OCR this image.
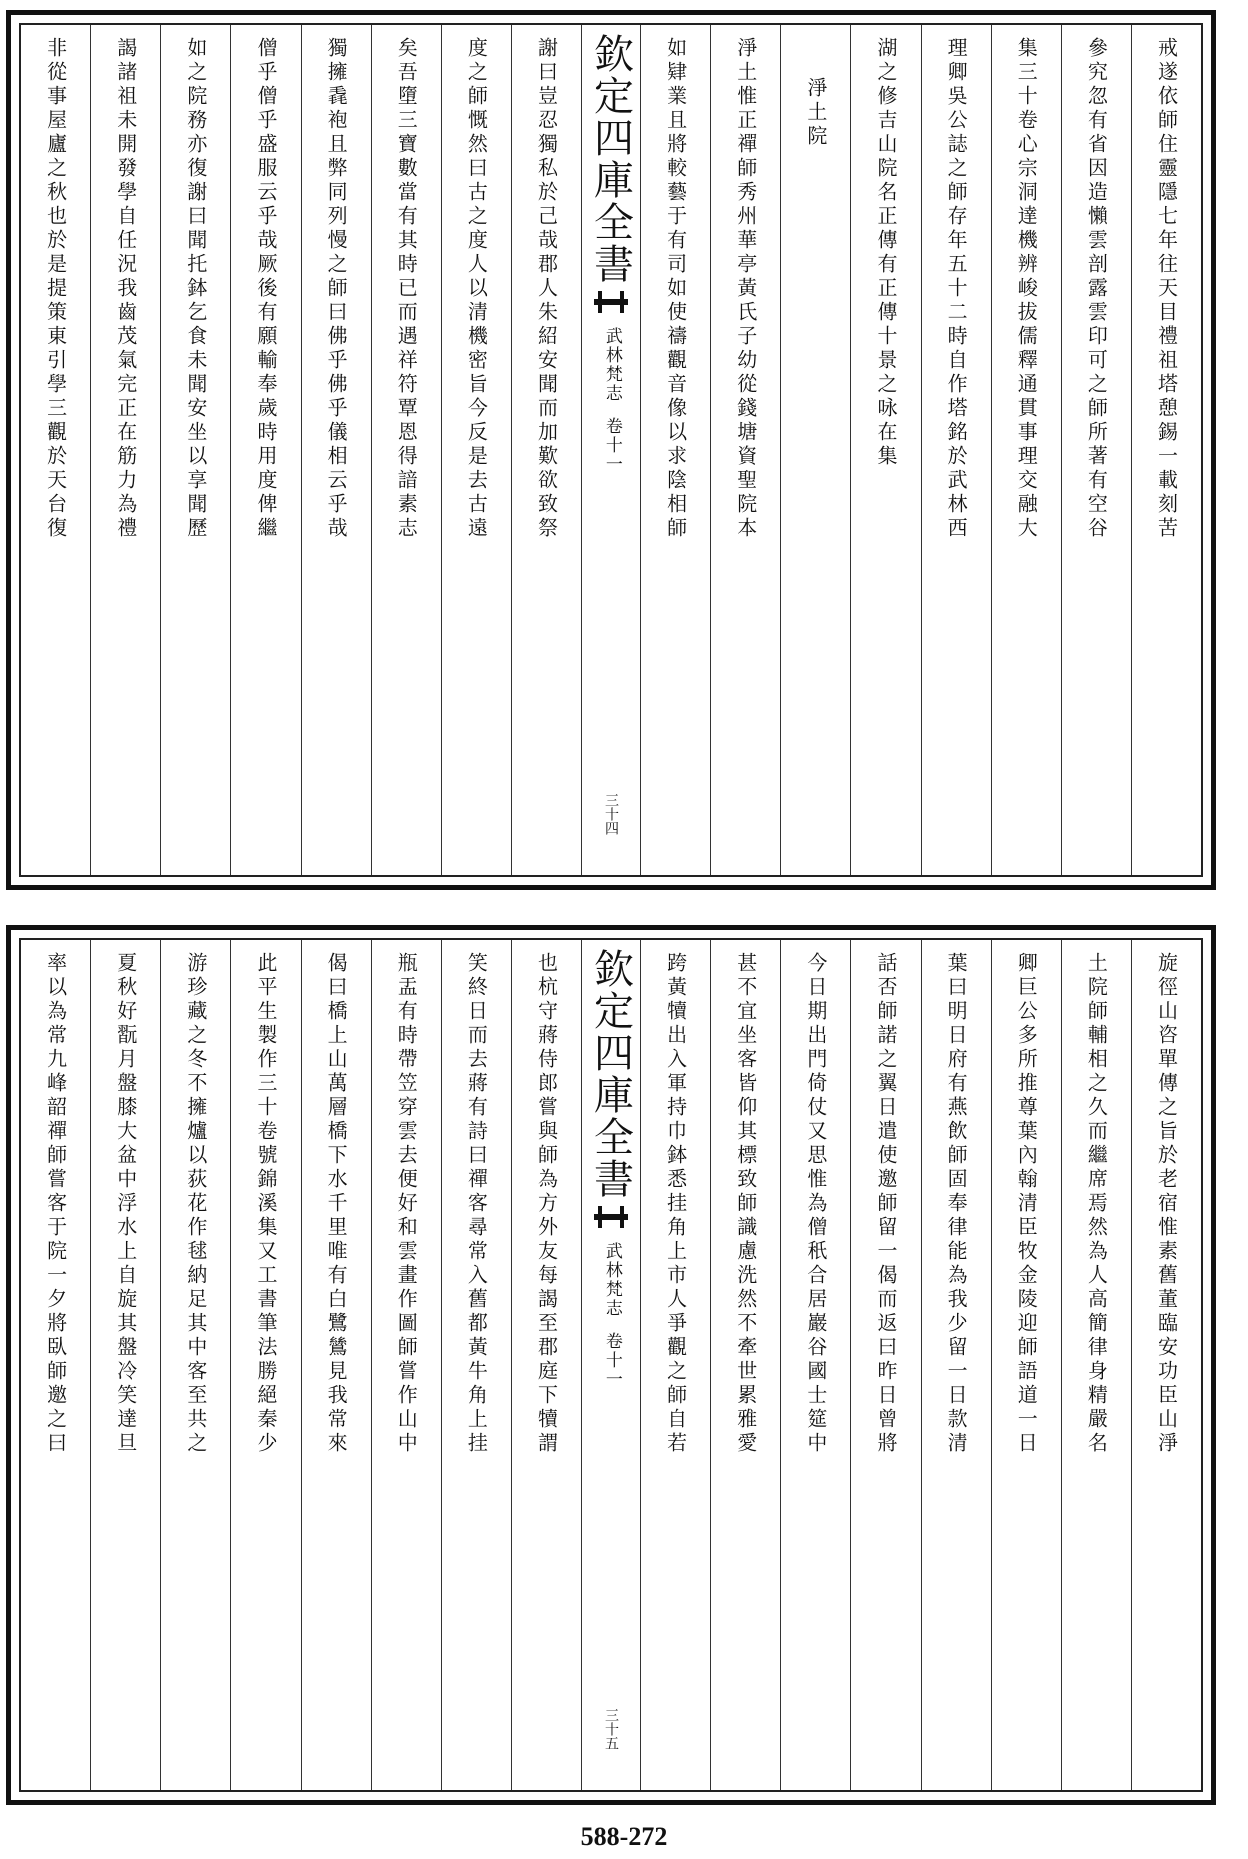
戒遂依師住靈隱七年往天目禮祖塔憩錫一載刻苦
參究忽有省因造懶雲剖露雲印可之師所著有空谷
集三十卷心宗洞達機辨峻拔儒釋通貫事理交融大
理卿吳公誌之師存年五十二時自作塔銘於武林西
湖之修吉山院名正傳有正傳十景之咏在集
淨土院
淨土惟正禪師秀州華亭黃氏子幼從錢塘資聖院本
如肄業且將較藝于有司如使禱觀音像以求陰相師
欽定四庫全書
武林梵志
卷十一
三十四
謝曰豈忍獨私於己哉郡人朱紹安聞而加歎欲致祭
度之師慨然曰古之度人以清機密旨今反是去古遠
矣吾墮三寶數當有其時已而遇祥符覃恩得諳素志
獨擁毳袍且弊同列慢之師曰佛乎佛乎儀相云乎哉
僧乎僧乎盛服云乎哉厥後有願輸奉歲時用度俾繼
如之院務亦復謝曰聞托鉢乞食未聞安坐以享聞歷
謁諸祖未開發學自任況我齒茂氣完正在筋力為禮
非從事屋廬之秋也於是提策東引學三觀於天台復
旋徑山咨單傳之旨於老宿惟素舊董臨安功臣山淨
土院師輔相之久而繼席焉然為人高簡律身精嚴名
卿巨公多所推尊葉內翰清臣牧金陵迎師語道一日
葉曰明日府有燕飲師固奉律能為我少留一日款清
話否師諾之翼日遣使邀師留一偈而返曰昨日曾將
今日期出門倚仗又思惟為僧秖合居巖谷國士筵中
甚不宜坐客皆仰其標致師識慮洗然不牽世累雅愛
跨黃犢出入軍持巾鉢悉挂角上市人爭觀之師自若
欽定四庫全書
武林梵志
卷十一
三十五
也杭守蔣侍郎嘗與師為方外友每謁至郡庭下犢謂
笑終日而去蔣有詩曰禪客尋常入舊都黃牛角上挂
瓶盂有時帶笠穿雲去便好和雲畫作圖師嘗作山中
偈曰橋上山萬層橋下水千里唯有白鷺鷥見我常來
此平生製作三十卷號錦溪集又工書筆法勝絕秦少
游珍藏之冬不擁爐以荻花作毬納足其中客至共之
夏秋好翫月盤膝大盆中浮水上自旋其盤冷笑達旦
率以為常九峰韶禪師嘗客于院一夕將臥師邀之曰
588-272
